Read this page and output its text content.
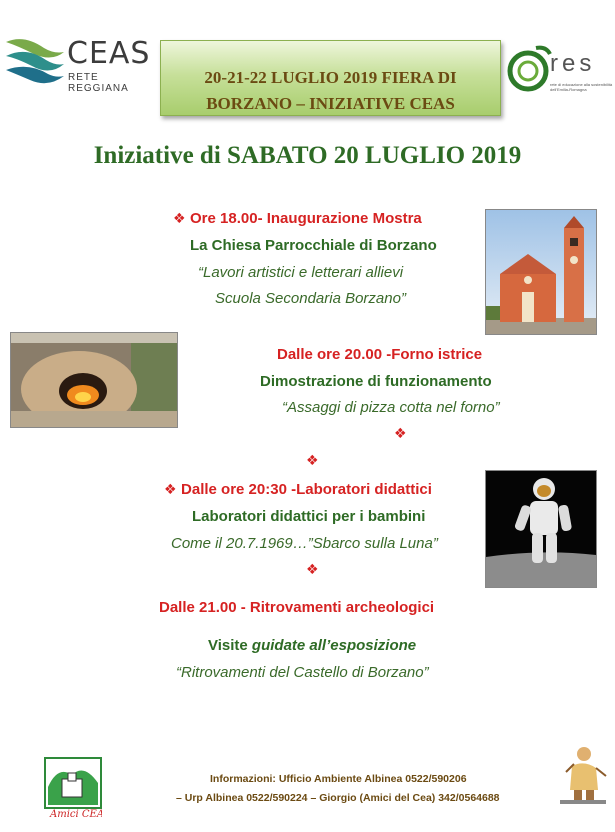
CEAS
RETE REGGIANA
20-21-22 LUGLIO 2019 FIERA DI
BORZANO – INIZIATIVE CEAS
res
rete di educazione alla sostenibilità dell'Emilia-Romagna
Iniziative di SABATO 20 LUGLIO 2019
❖ Ore 18.00- Inaugurazione Mostra
La Chiesa Parrocchiale di Borzano
“Lavori artistici e letterari allievi
Scuola Secondaria Borzano”
Dalle ore 20.00 -Forno istrice
Dimostrazione di funzionamento
“Assaggi di pizza cotta nel forno”
❖
❖
❖ Dalle ore 20:30 -Laboratori didattici
Laboratori didattici per i bambini
Come il 20.7.1969…”Sbarco sulla Luna”
❖
Dalle 21.00 - Ritrovamenti archeologici
Visite guidate all’esposizione
“Ritrovamenti del Castello di Borzano”
Amici CEA
Informazioni: Ufficio Ambiente Albinea 0522/590206
– Urp Albinea 0522/590224 – Giorgio (Amici del Cea) 342/0564688
